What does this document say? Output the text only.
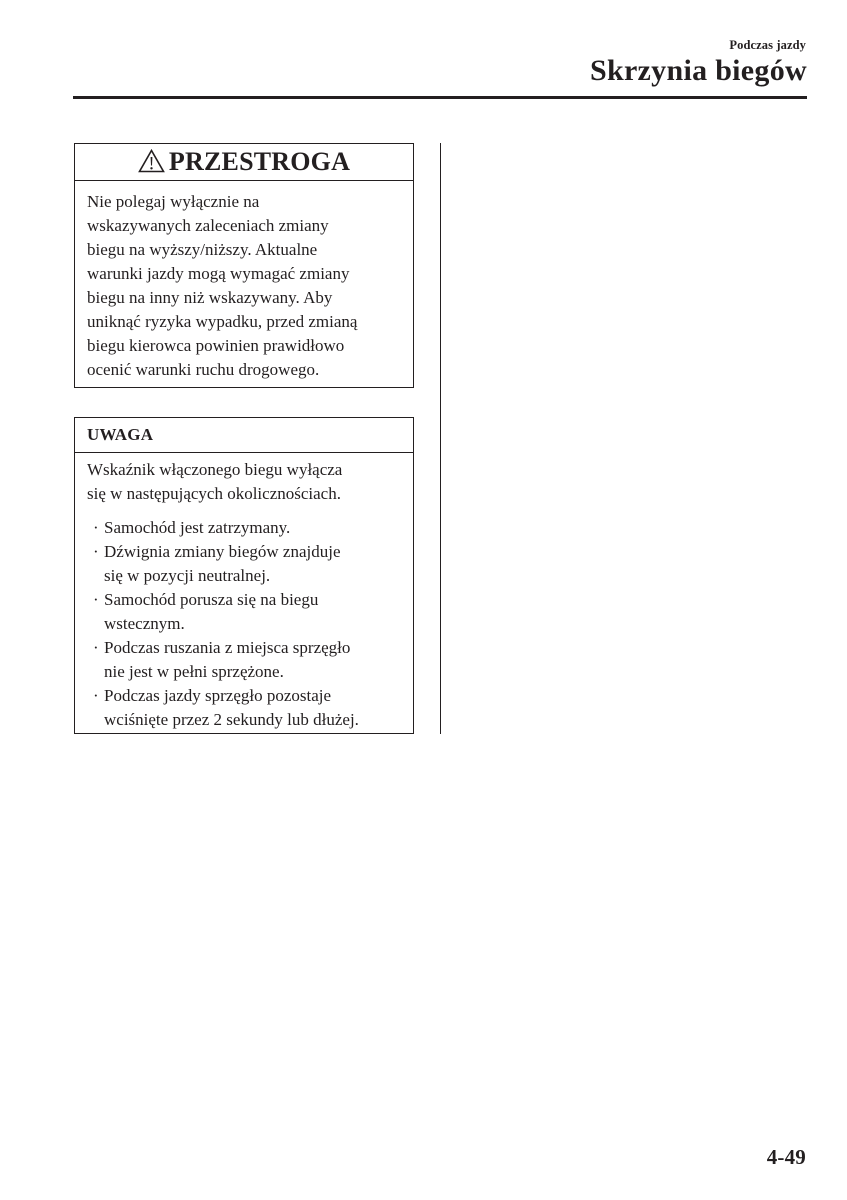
Podczas jazdy
Skrzynia biegów
PRZESTROGA
Nie polegaj wyłącznie na
wskazywanych zaleceniach zmiany
biegu na wyższy/niższy. Aktualne
warunki jazdy mogą wymagać zmiany
biegu na inny niż wskazywany. Aby
uniknąć ryzyka wypadku, przed zmianą
biegu kierowca powinien prawidłowo
ocenić warunki ruchu drogowego.
UWAGA
Wskaźnik włączonego biegu wyłącza
się w następujących okolicznościach.
· Samochód jest zatrzymany.
· Dźwignia zmiany biegów znajduje
się w pozycji neutralnej.
· Samochód porusza się na biegu
wstecznym.
· Podczas ruszania z miejsca sprzęgło
nie jest w pełni sprzężone.
· Podczas jazdy sprzęgło pozostaje
wciśnięte przez 2 sekundy lub dłużej.
4-49
